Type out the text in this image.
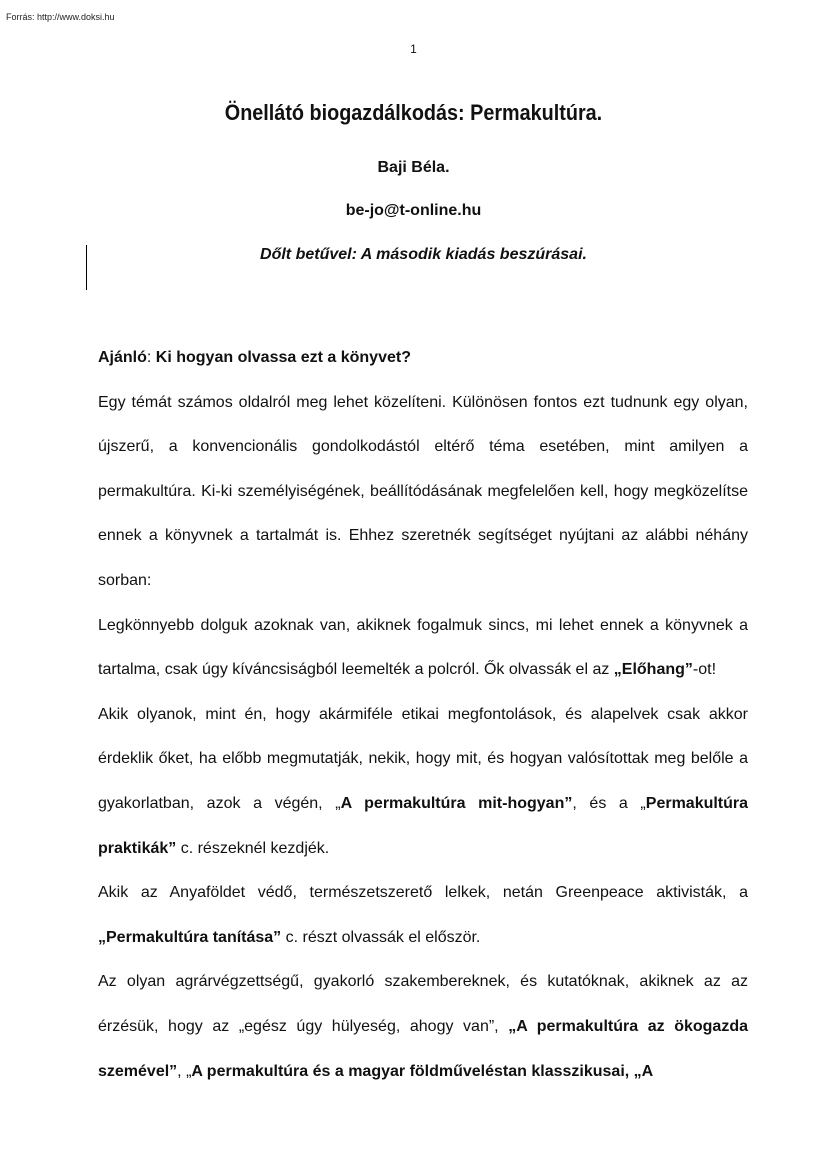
Forrás: http://www.doksi.hu
1
Önellátó biogazdálkodás: Permakultúra.
Baji Béla.
be-jo@t-online.hu
Dőlt betűvel: A második kiadás beszúrásai.

Ajánló: Ki hogyan olvassa ezt a könyvet?

Egy témát számos oldalról meg lehet közelíteni. Különösen fontos ezt tudnunk egy olyan, újszerű, a konvencionális gondolkodástól eltérő téma esetében, mint amilyen a permakultúra. Ki-ki személyiségének, beállítódásának megfelelően kell, hogy megközelítse ennek a könyvnek a tartalmát is. Ehhez szeretnék segítséget nyújtani az alábbi néhány sorban:

Legkönnyebb dolguk azoknak van, akiknek fogalmuk sincs, mi lehet ennek a könyvnek a tartalma, csak úgy kíváncsiságból leemelték a polcról. Ők olvassák el az „Előhang”-ot!

Akik olyanok, mint én, hogy akármiféle etikai megfontolások, és alapelvek csak akkor érdeklik őket, ha előbb megmutatják, nekik, hogy mit, és hogyan valósítottak meg belőle a gyakorlatban, azok a végén, „A permakultúra mit-hogyan”, és a „Permakultúra praktikák” c. részeknél kezdjék.

Akik az Anyaföldet védő, természetszerető lelkek, netán Greenpeace aktivisták, a „Permakultúra tanítása” c. részt olvassák el először.

Az olyan agrárvégzettségű, gyakorló szakembereknek, és kutatóknak, akiknek az az érzésük, hogy az „egész úgy hülyeség, ahogy van”, „A permakultúra az ökogazda szemével”, „A permakultúra és a magyar földműveléstan klasszikusai, „A
